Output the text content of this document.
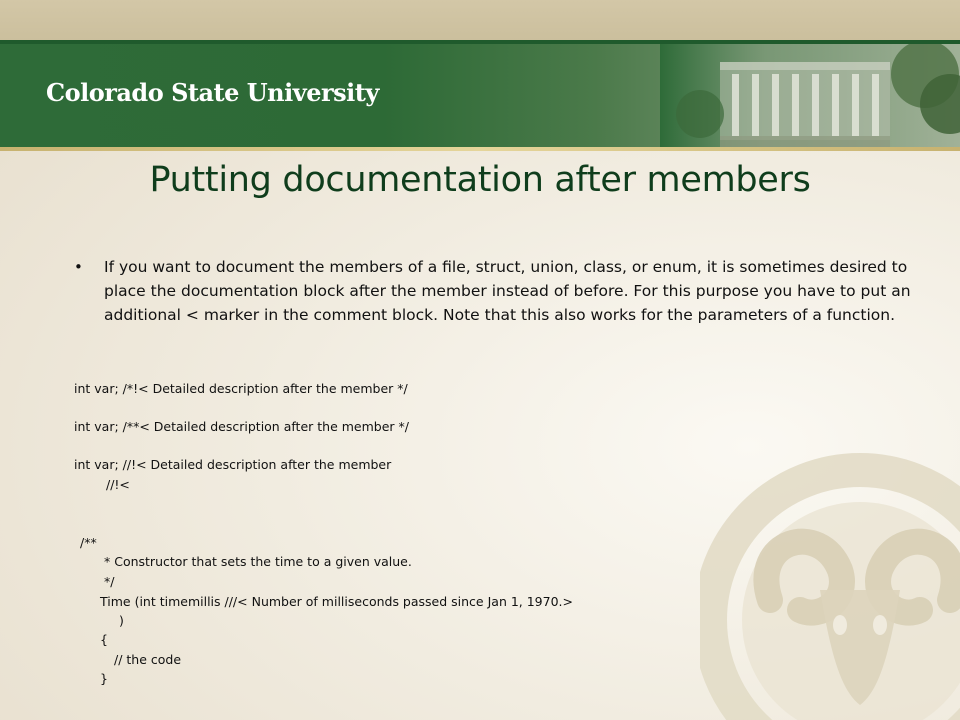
Colorado State University
Putting documentation after members
• If you want to document the members of a file, struct, union, class, or enum, it is sometimes desired to place the documentation block after the member instead of before. For this purpose you have to put an additional < marker in the comment block. Note that this also works for the parameters of a function.
int var; /*!< Detailed description after the member */
int var; /**< Detailed description after the member */
int var; //!< Detailed description after the member
//!<
/**
* Constructor that sets the time to a given value.
*/
Time (int timemillis ///< Number of milliseconds passed since Jan 1, 1970.>
)
{
// the code
}
